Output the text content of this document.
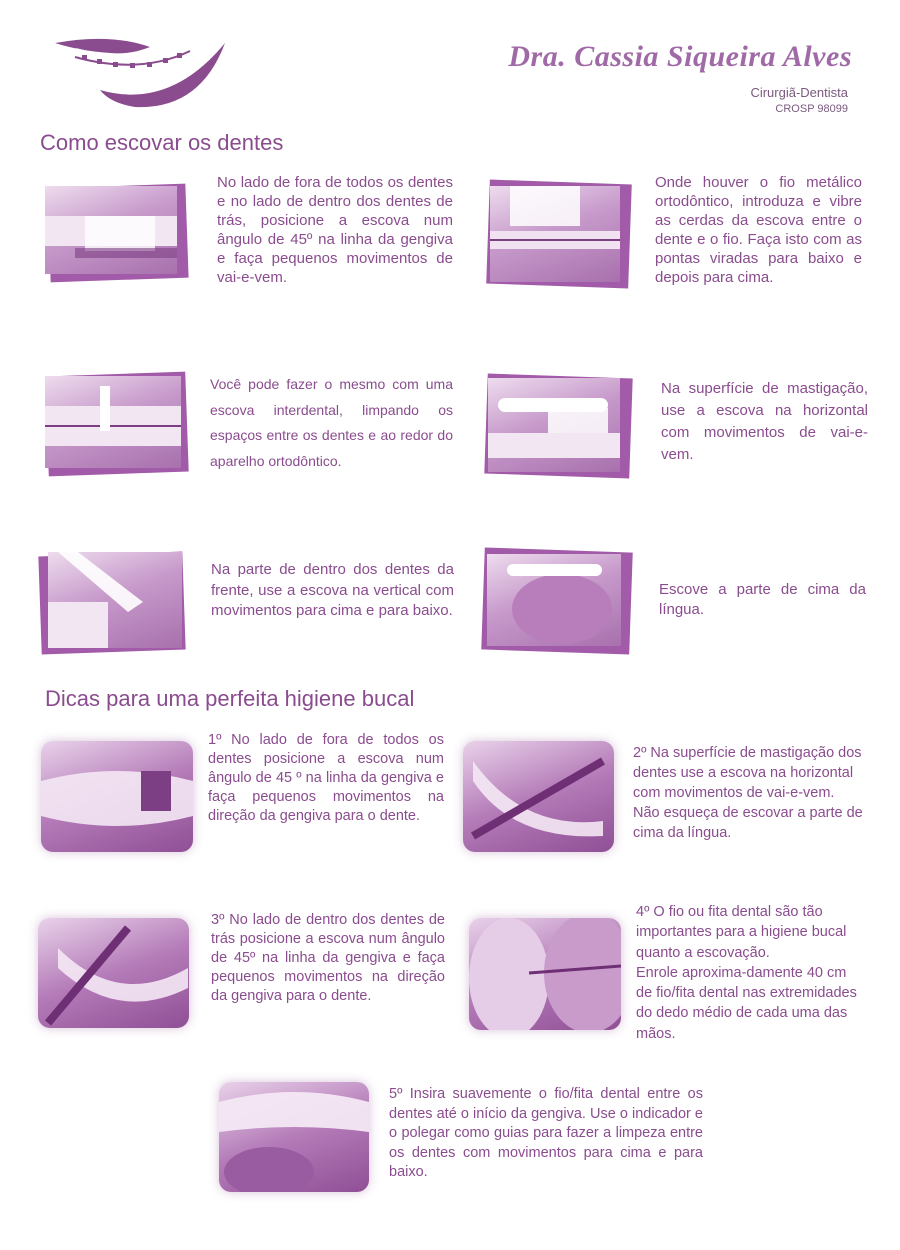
Dra. Cassia Siqueira Alves
Cirurgiã-Dentista
CROSP 98099
Como escovar os dentes
No lado de fora de todos os dentes e no lado de dentro dos dentes de trás, posicione a escova num ângulo de 45º na linha da gengiva e faça pequenos movimentos de vai-e-vem.
Onde houver o fio metálico ortodôntico, introduza e vibre as cerdas da escova entre o dente e o fio. Faça isto com as pontas viradas para baixo e depois para cima.
Você pode fazer o mesmo com uma escova interdental, limpando os espaços entre os dentes e ao redor do aparelho ortodôntico.
Na superfície de mastigação, use a escova na horizontal com movimentos de vai-e-vem.
Na parte de dentro dos dentes da frente, use a escova na vertical com movimentos para cima e para baixo.
Escove a parte de cima da língua.
Dicas para uma perfeita higiene bucal
1º No lado de fora de todos os dentes posicione a escova num ângulo de 45 º na linha da gengiva e faça pequenos movimentos na direção da gengiva para o dente.
2º Na superfície de mastigação dos dentes use a escova na horizontal com movimentos de vai-e-vem.
Não esqueça de escovar a parte de cima da língua.
3º No lado de dentro dos dentes de trás posicione a escova num ângulo de 45º na linha da gengiva e faça pequenos movimentos na direção da gengiva para o dente.
4º O fio ou fita dental são tão importantes para a higiene bucal quanto a escovação.
Enrole aproxima-damente 40 cm de fio/fita dental nas extremidades do dedo médio de cada uma das mãos.
5º Insira suavemente o fio/fita dental entre os dentes até o início da gengiva. Use o indicador e o polegar como guias para fazer a limpeza entre os dentes com movimentos para cima e para baixo.
